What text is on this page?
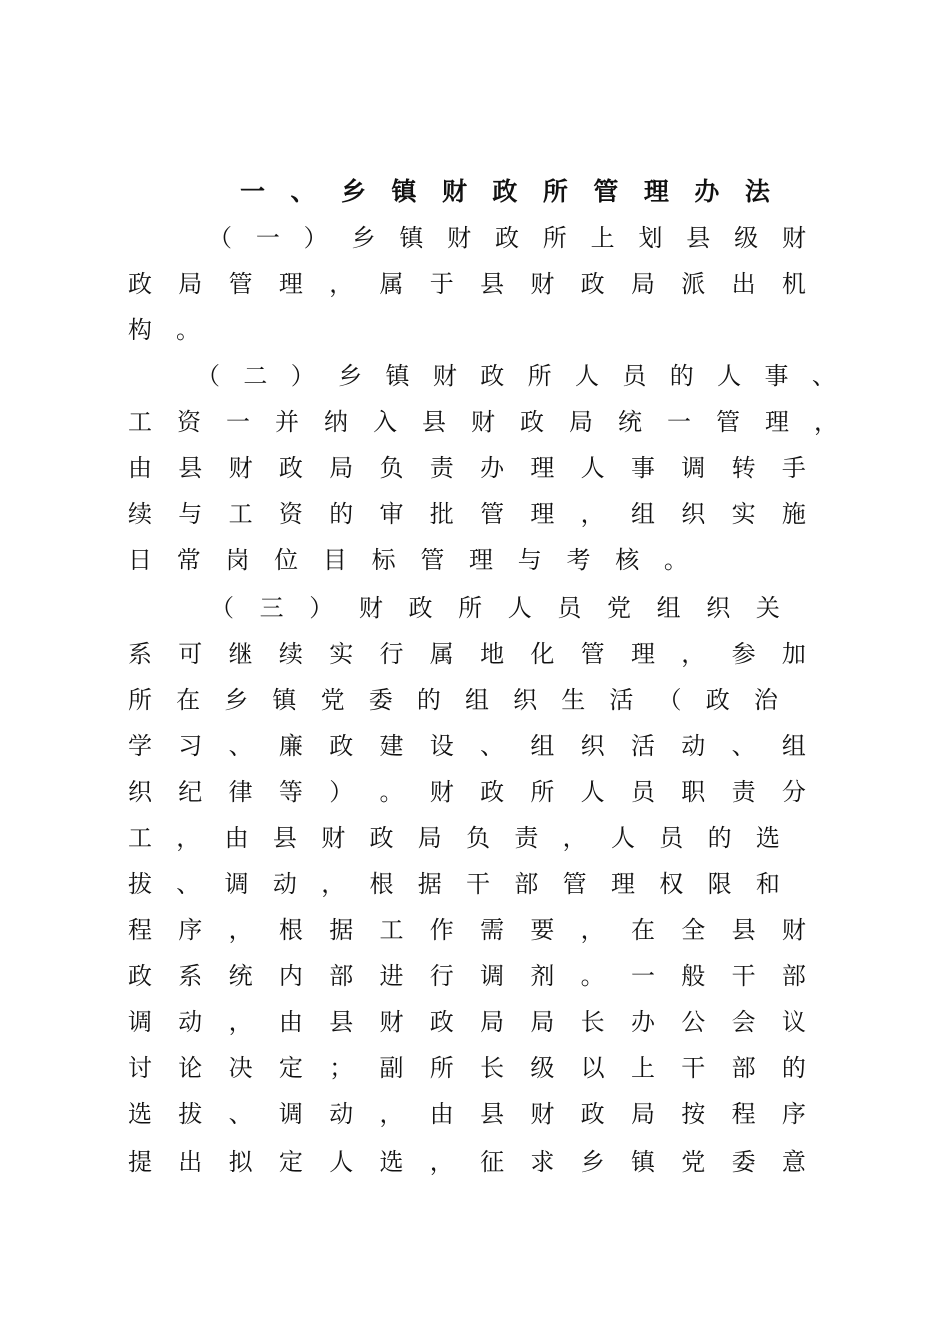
一 、 乡 镇 财 政 所 管 理 办 法
（ 一 ） 乡 镇 财 政 所 上 划 县 级 财
政 局 管 理 ， 属 于 县 财 政 局 派 出 机
构 。
（ 二 ） 乡 镇 财 政 所 人 员 的 人 事 、
工 资 一 并 纳 入 县 财 政 局 统 一 管 理 ，
由 县 财 政 局 负 责 办 理 人 事 调 转 手
续 与 工 资 的 审 批 管 理 ， 组 织 实 施
日 常 岗 位 目 标 管 理 与 考 核 。
（ 三 ） 财 政 所 人 员 党 组 织 关
系 可 继 续 实 行 属 地 化 管 理 ， 参 加
所 在 乡 镇 党 委 的 组 织 生 活 （ 政 治
学 习 、 廉 政 建 设 、 组 织 活 动 、 组
织 纪 律 等 ） 。 财 政 所 人 员 职 责 分
工 ， 由 县 财 政 局 负 责 ， 人 员 的 选
拔 、 调 动 ， 根 据 干 部 管 理 权 限 和
程 序 ， 根 据 工 作 需 要 ， 在 全 县 财
政 系 统 内 部 进 行 调 剂 。 一 般 干 部
调 动 ， 由 县 财 政 局 局 长 办 公 会 议
讨 论 决 定 ； 副 所 长 级 以 上 干 部 的
选 拔 、 调 动 ， 由 县 财 政 局 按 程 序
提 出 拟 定 人 选 ， 征 求 乡 镇 党 委 意
